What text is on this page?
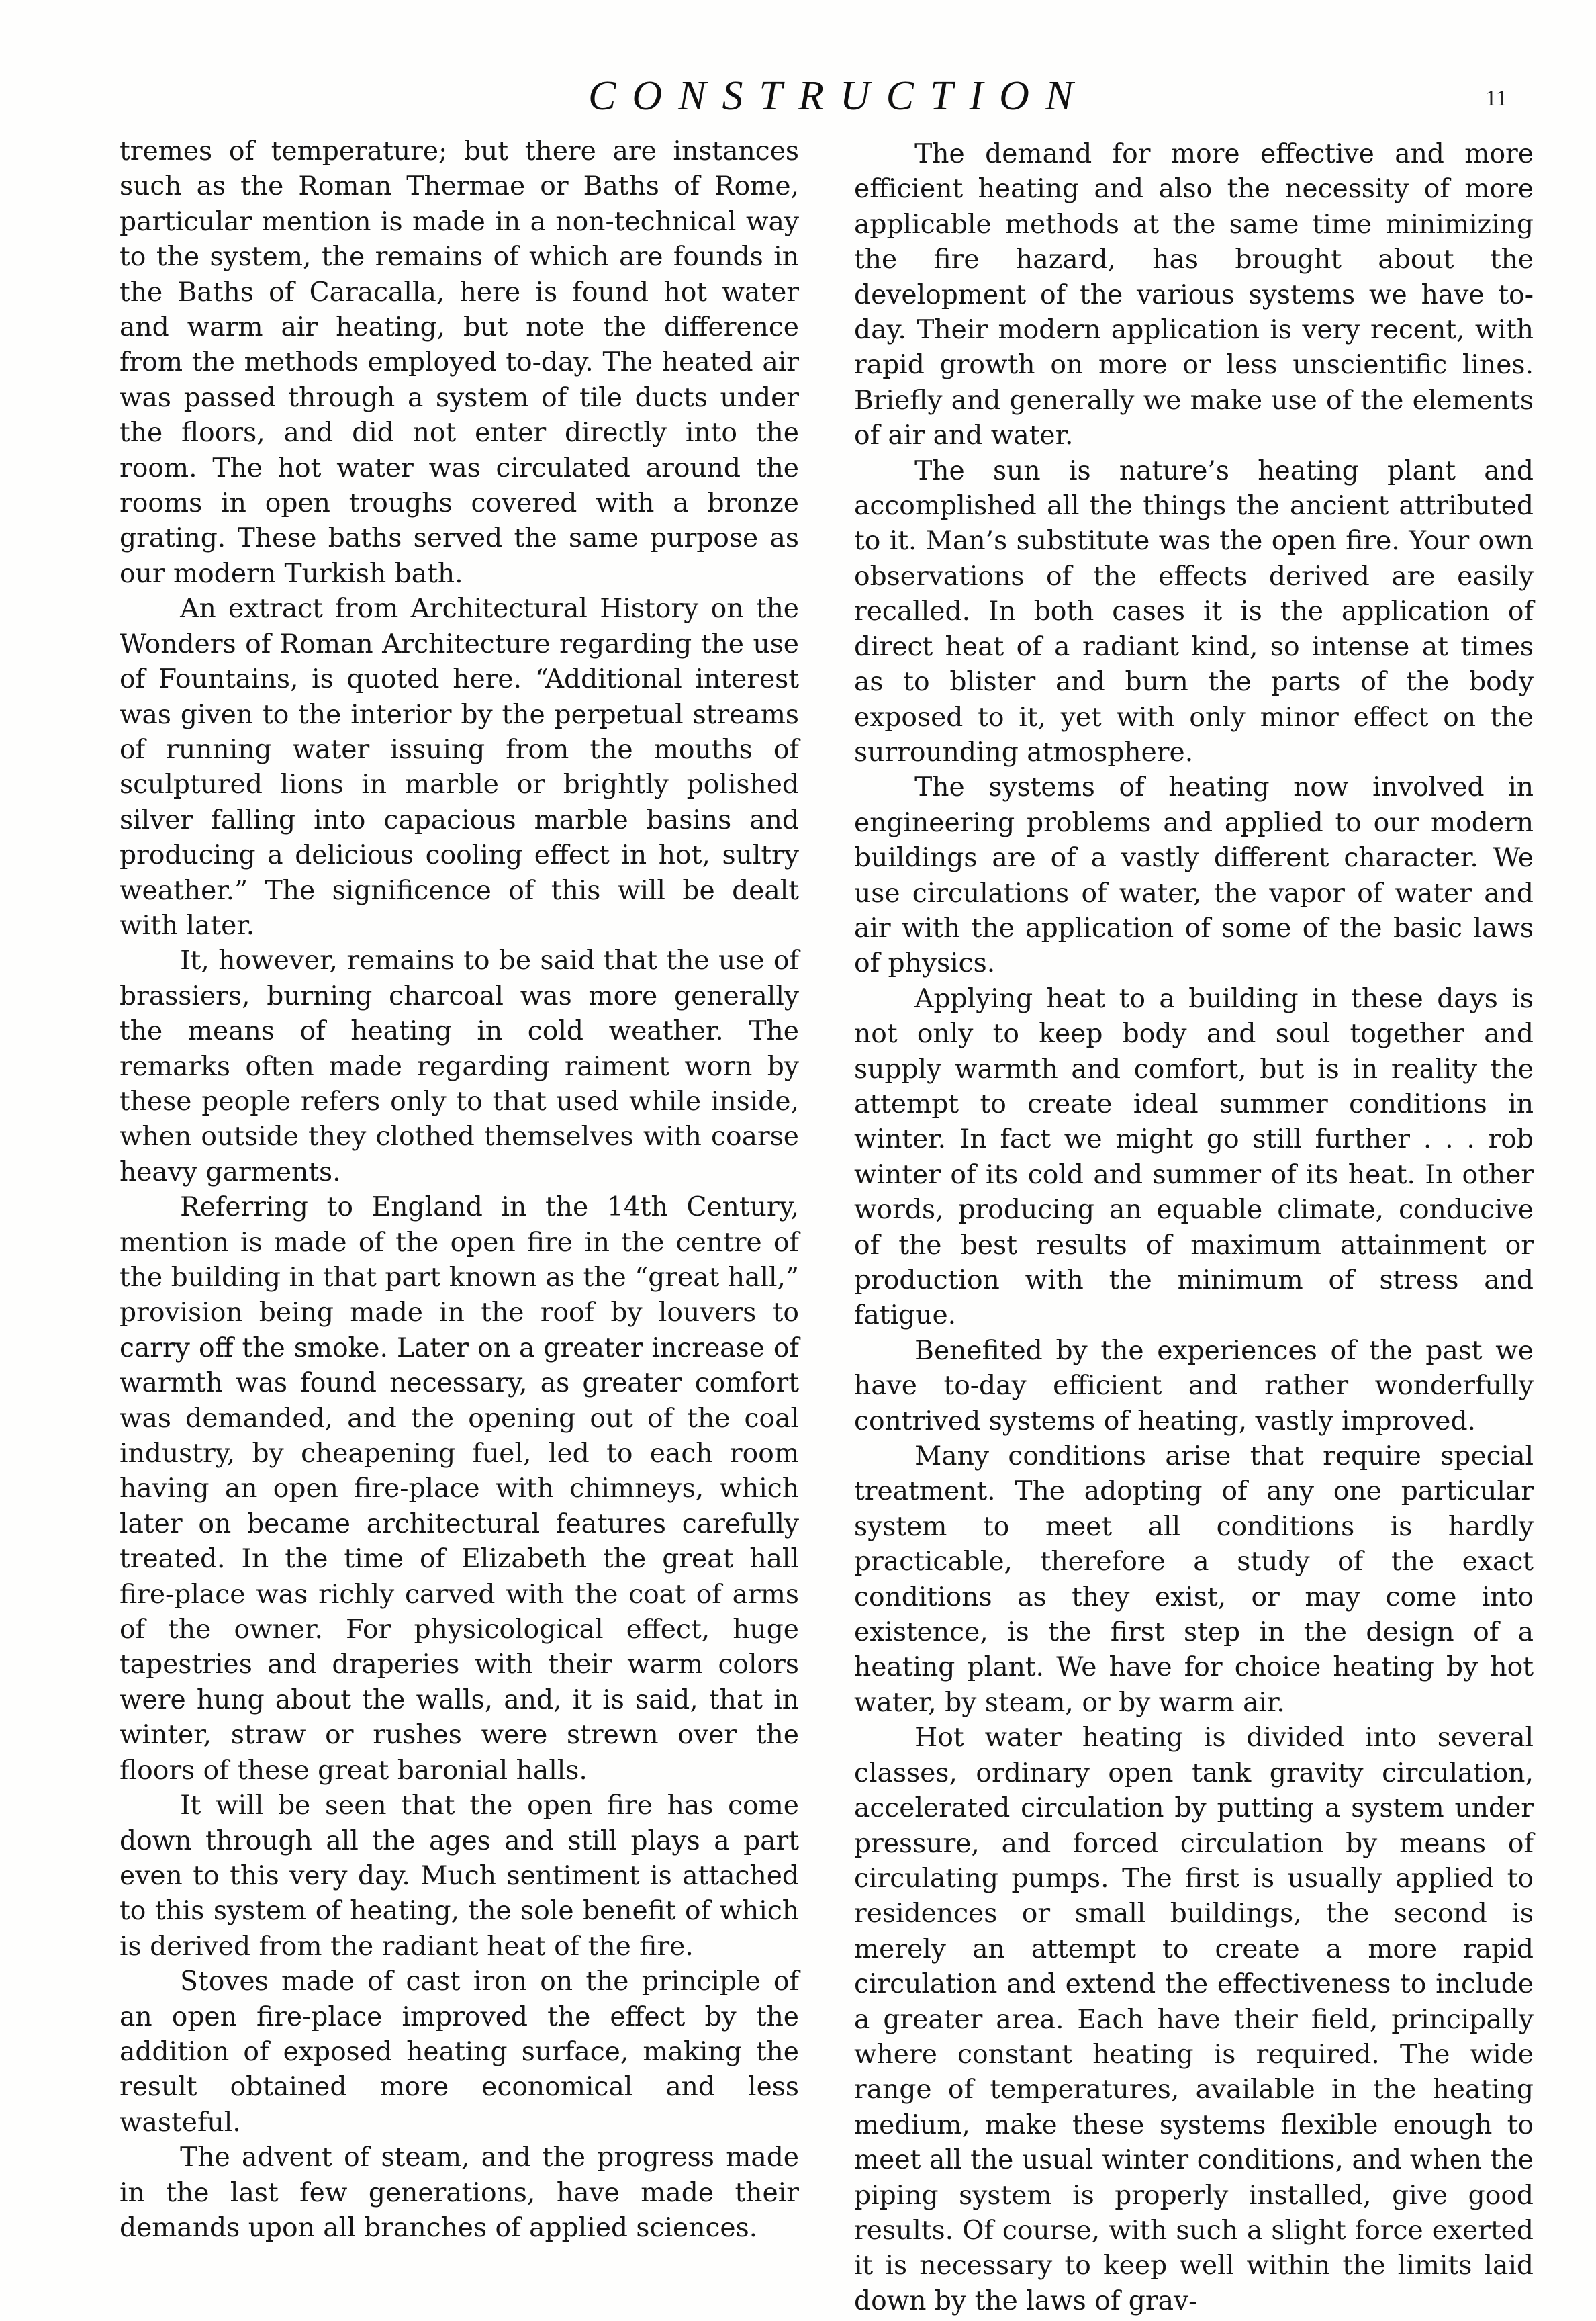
CONSTRUCTION	11

tremes of temperature; but there are instances such as the Roman Thermae or Baths of Rome, particular mention is made in a non-technical way to the system, the remains of which are founds in the Baths of Caracalla, here is found hot water and warm air heating, but note the difference from the methods employed to-day. The heated air was passed through a system of tile ducts under the floors, and did not enter directly into the room. The hot water was circulated around the rooms in open troughs covered with a bronze grating. These baths served the same purpose as our modern Turkish bath.

An extract from Architectural History on the Wonders of Roman Architecture regarding the use of Fountains, is quoted here. “Additional interest was given to the interior by the perpetual streams of running water issuing from the mouths of sculptured lions in marble or brightly polished silver falling into capacious marble basins and producing a delicious cooling effect in hot, sultry weather.” The significence of this will be dealt with later.

It, however, remains to be said that the use of brassiers, burning charcoal was more generally the means of heating in cold weather. The remarks often made regarding raiment worn by these people refers only to that used while inside, when outside they clothed themselves with coarse heavy garments.

Referring to England in the 14th Century, mention is made of the open fire in the centre of the building in that part known as the “great hall,” provision being made in the roof by louvers to carry off the smoke. Later on a greater increase of warmth was found necessary, as greater comfort was demanded, and the opening out of the coal industry, by cheapening fuel, led to each room having an open fire-place with chimneys, which later on became architectural features carefully treated. In the time of Elizabeth the great hall fire-place was richly carved with the coat of arms of the owner. For physicological effect, huge tapestries and draperies with their warm colors were hung about the walls, and, it is said, that in winter, straw or rushes were strewn over the floors of these great baronial halls.

It will be seen that the open fire has come down through all the ages and still plays a part even to this very day. Much sentiment is attached to this system of heating, the sole benefit of which is derived from the radiant heat of the fire.

Stoves made of cast iron on the principle of an open fire-place improved the effect by the addition of exposed heating surface, making the result obtained more economical and less wasteful.

The advent of steam, and the progress made in the last few generations, have made their demands upon all branches of applied sciences.

The demand for more effective and more efficient heating and also the necessity of more applicable methods at the same time minimizing the fire hazard, has brought about the development of the various systems we have to-day. Their modern application is very recent, with rapid growth on more or less unscientific lines. Briefly and generally we make use of the elements of air and water.

The sun is nature’s heating plant and accomplished all the things the ancient attributed to it. Man’s substitute was the open fire. Your own observations of the effects derived are easily recalled. In both cases it is the application of direct heat of a radiant kind, so intense at times as to blister and burn the parts of the body exposed to it, yet with only minor effect on the surrounding atmosphere.

The systems of heating now involved in engineering problems and applied to our modern buildings are of a vastly different character. We use circulations of water, the vapor of water and air with the application of some of the basic laws of physics.

Applying heat to a building in these days is not only to keep body and soul together and supply warmth and comfort, but is in reality the attempt to create ideal summer conditions in winter. In fact we might go still further . . . rob winter of its cold and summer of its heat. In other words, producing an equable climate, conducive of the best results of maximum attainment or production with the minimum of stress and fatigue.

Benefited by the experiences of the past we have to-day efficient and rather wonderfully contrived systems of heating, vastly improved.

Many conditions arise that require special treatment. The adopting of any one particular system to meet all conditions is hardly practicable, therefore a study of the exact conditions as they exist, or may come into existence, is the first step in the design of a heating plant. We have for choice heating by hot water, by steam, or by warm air.

Hot water heating is divided into several classes, ordinary open tank gravity circulation, accelerated circulation by putting a system under pressure, and forced circulation by means of circulating pumps. The first is usually applied to residences or small buildings, the second is merely an attempt to create a more rapid circulation and extend the effectiveness to include a greater area. Each have their field, principally where constant heating is required. The wide range of temperatures, available in the heating medium, make these systems flexible enough to meet all the usual winter conditions, and when the piping system is properly installed, give good results. Of course, with such a slight force exerted it is necessary to keep well within the limits laid down by the laws of grav-
